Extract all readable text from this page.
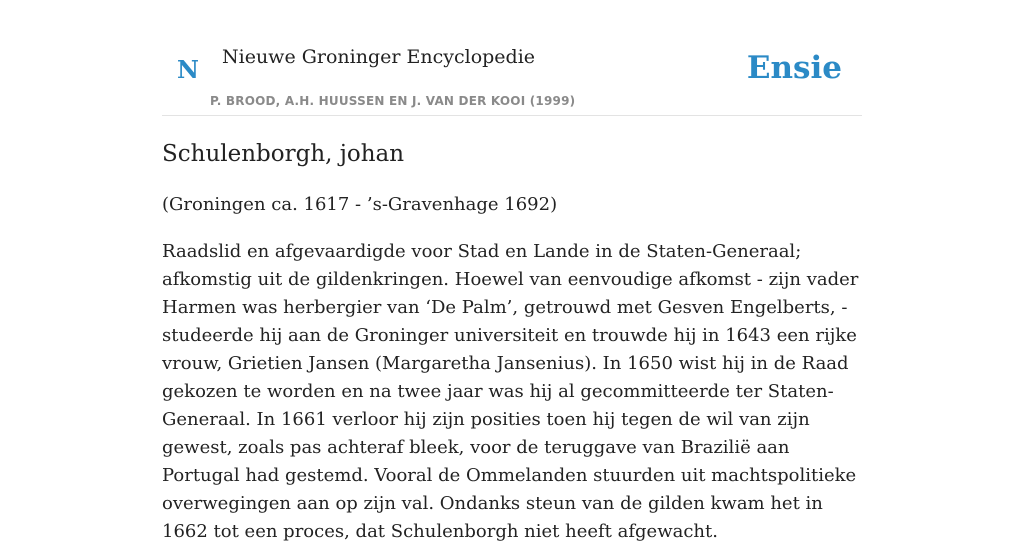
N Nieuwe Groninger Encyclopedie
P. BROOD, A.H. HUUSSEN EN J. VAN DER KOOI (1999)
Ensie
Schulenborgh, johan

(Groningen ca. 1617 - ’s-Gravenhage 1692)

Raadslid en afgevaardigde voor Stad en Lande in de Staten-Generaal; afkomstig uit de gildenkringen. Hoewel van eenvoudige afkomst - zijn vader Harmen was herbergier van ‘De Palm’, getrouwd met Gesven Engelberts, - studeerde hij aan de Groninger universiteit en trouwde hij in 1643 een rijke vrouw, Grietien Jansen (Margaretha Jansenius). In 1650 wist hij in de Raad gekozen te worden en na twee jaar was hij al gecommitteerde ter Staten-Generaal. In 1661 verloor hij zijn posities toen hij tegen de wil van zijn gewest, zoals pas achteraf bleek, voor de teruggave van Brazilië aan Portugal had gestemd. Vooral de Ommelanden stuurden uit machtspolitieke overwegingen aan op zijn val. Ondanks steun van de gilden kwam het in 1662 tot een proces, dat Schulenborgh niet heeft afgewacht.
